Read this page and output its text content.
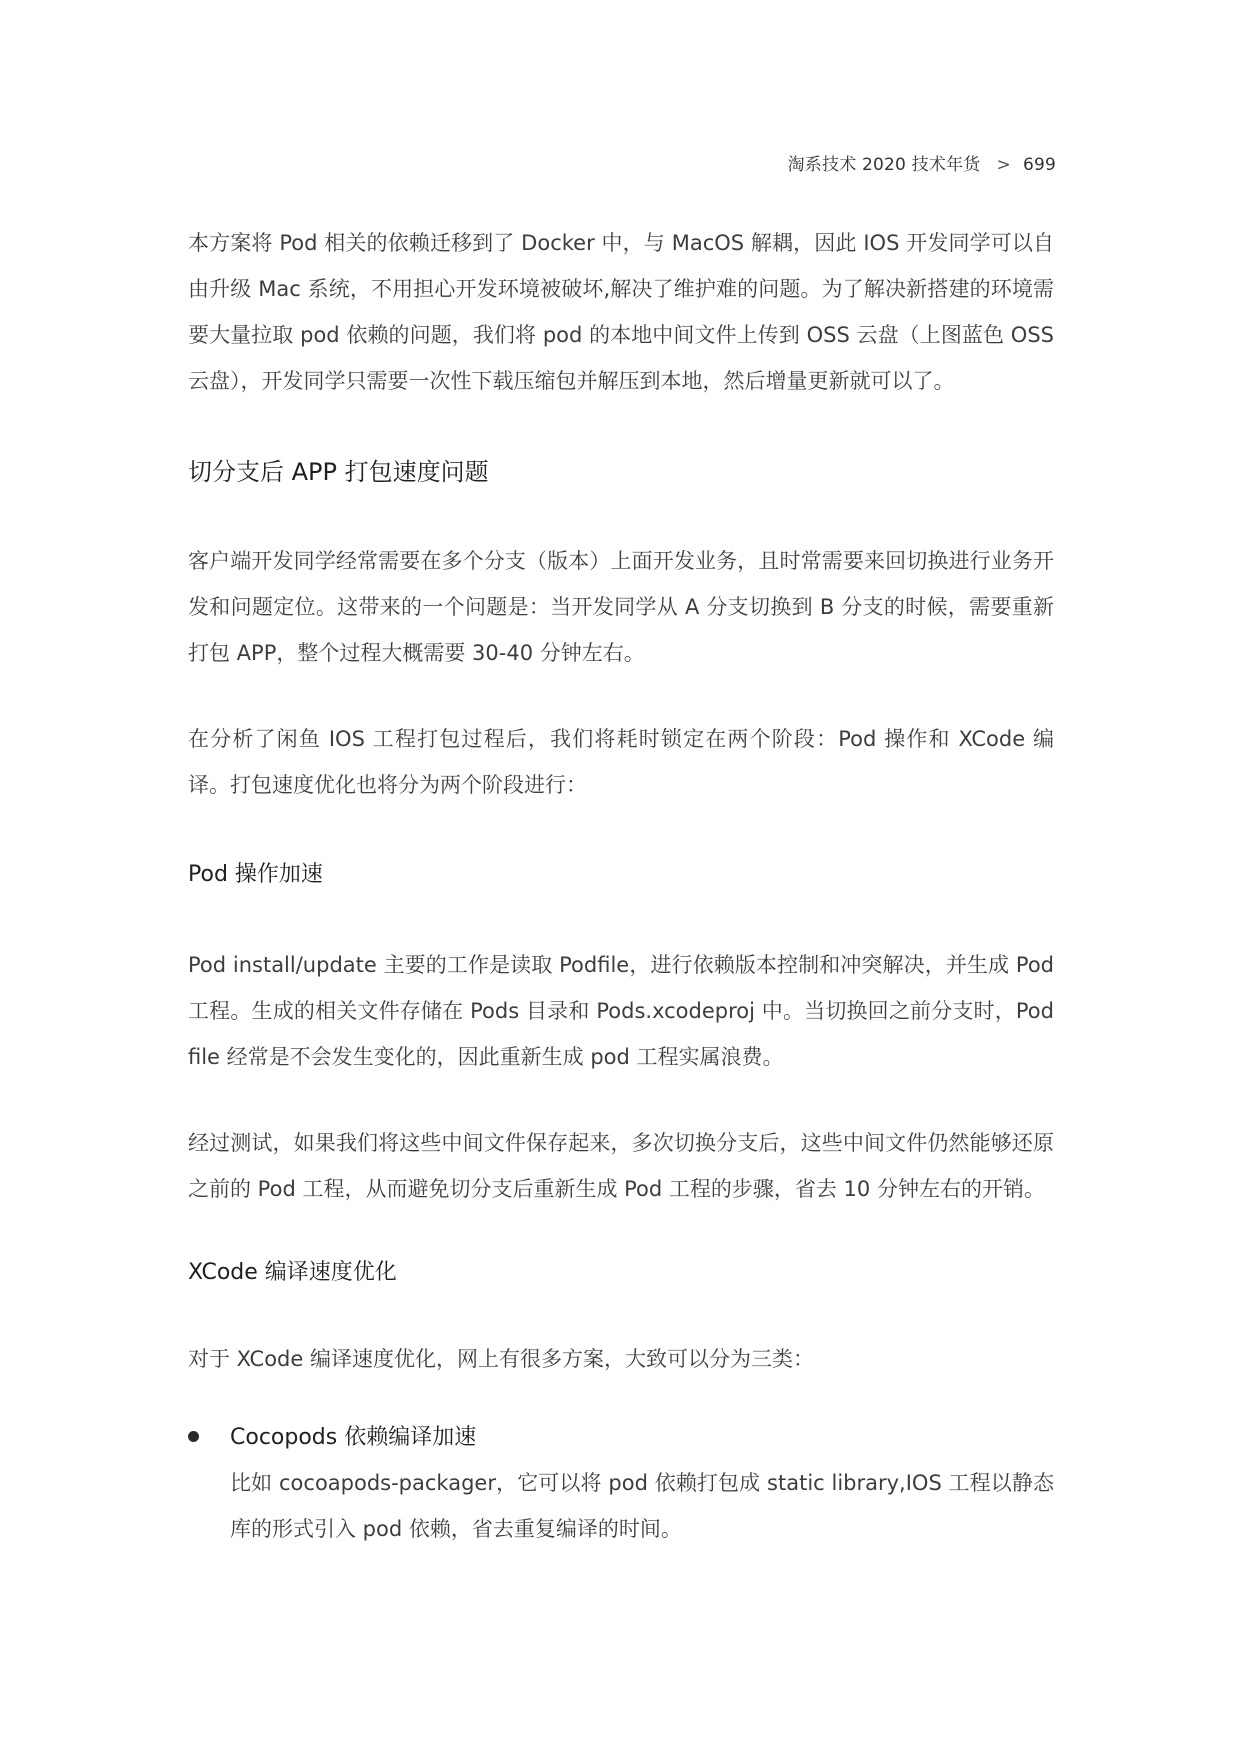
淘系技术 2020 技术年货 > 699

本方案将 Pod 相关的依赖迁移到了 Docker 中，与 MacOS 解耦，因此 IOS 开发同学可以自由升级 Mac 系统，不用担心开发环境被破坏,解决了维护难的问题。为了解决新搭建的环境需要大量拉取 pod 依赖的问题，我们将 pod 的本地中间文件上传到 OSS 云盘（上图蓝色 OSS 云盘），开发同学只需要一次性下载压缩包并解压到本地，然后增量更新就可以了。

切分支后 APP 打包速度问题

客户端开发同学经常需要在多个分支（版本）上面开发业务，且时常需要来回切换进行业务开发和问题定位。这带来的一个问题是：当开发同学从 A 分支切换到 B 分支的时候，需要重新打包 APP，整个过程大概需要 30-40 分钟左右。

在分析了闲鱼 IOS 工程打包过程后，我们将耗时锁定在两个阶段：Pod 操作和 XCode 编译。打包速度优化也将分为两个阶段进行：

Pod 操作加速

Pod install/update 主要的工作是读取 Podfile，进行依赖版本控制和冲突解决，并生成 Pod 工程。生成的相关文件存储在 Pods 目录和 Pods.xcodeproj 中。当切换回之前分支时，Podfile 经常是不会发生变化的，因此重新生成 pod 工程实属浪费。

经过测试，如果我们将这些中间文件保存起来，多次切换分支后，这些中间文件仍然能够还原之前的 Pod 工程，从而避免切分支后重新生成 Pod 工程的步骤，省去 10 分钟左右的开销。

XCode 编译速度优化

对于 XCode 编译速度优化，网上有很多方案，大致可以分为三类：

Cocopods 依赖编译加速
比如 cocoapods-packager，它可以将 pod 依赖打包成 static library,IOS 工程以静态库的形式引入 pod 依赖，省去重复编译的时间。
